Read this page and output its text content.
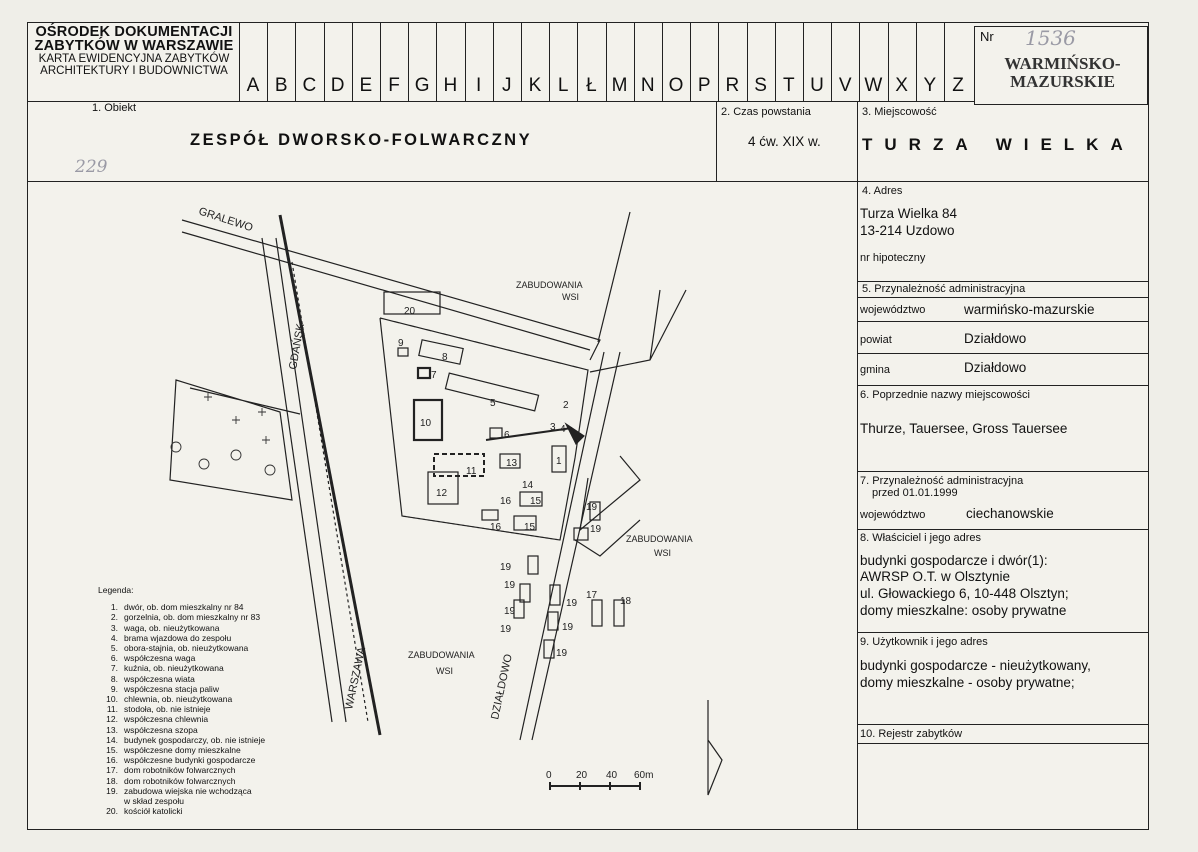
OŚRODEK DOKUMENTACJI
ZABYTKÓW W WARSZAWIE
KARTA EWIDENCYJNA ZABYTKÓW
ARCHITEKTURY I BUDOWNICTWA
Nr 1536
WARMIŃSKO-MAZURSKIE
1. Obiekt
ZESPÓŁ DWORSKO-FOLWARCZNY
229
2. Czas powstania
4 ćw. XIX w.
3. Miejscowość
TURZA WIELKA
4. Adres
Turza Wielka 84
13-214 Uzdowo
nr hipoteczny
5. Przynależność administracyjna
województwo	warmińsko-mazurskie
powiat	Działdowo
gmina	Działdowo
6. Poprzednie nazwy miejscowości
Thurze, Tauersee, Gross Tauersee
7. Przynależność administracyjna
przed 01.01.1999
województwo	ciechanowskie
8. Właściciel i jego adres
budynki gospodarcze i dwór(1):
AWRSP O.T. w Olsztynie
ul. Głowackiego 6, 10-448 Olsztyn;
domy mieszkalne: osoby prywatne
9. Użytkownik i jego adres
budynki gospodarcze - nieużytkowany,
domy mieszkalne - osoby prywatne;
10. Rejestr zabytków
Legenda:
1. dwór, ob. dom mieszkalny nr 84
2. gorzelnia, ob. dom mieszkalny nr 83
3. waga, ob. nieużytkowana
4. brama wjazdowa do zespołu
5. obora-stajnia, ob. nieużytkowana
6. współczesna waga
7. kuźnia, ob. nieużytkowana
8. współczesna wiata
9. współczesna stacja paliw
10. chlewnia, ob. nieużytkowana
11. stodoła, ob. nie istnieje
12. współczesna chlewnia
13. współczesna szopa
14. budynek gospodarczy, ob. nie istnieje
15. współczesne domy mieszkalne
16. współczesne budynki gospodarcze
17. dom robotników folwarcznych
18. dom robotników folwarcznych
19. zabudowa wiejska nie wchodząca
w skład zespołu
20. kościół katolicki
A B C D E F G H I	J K L Ł M N O P R S T U V W X Y Z
GRALEWO
GDAŃSK
WARSZAWA	DZIAŁDOWO
ZABUDOWANIA
WSI
ZABUDOWANIA
WSI
ZABUDOWANIA
WSI
0 20 40 60m
20
9
8
7
5	2
3 4
10
6
1
11
13
14
12
15
16
15
16
19
19
19
19
19
19
19
19
19
17
18
